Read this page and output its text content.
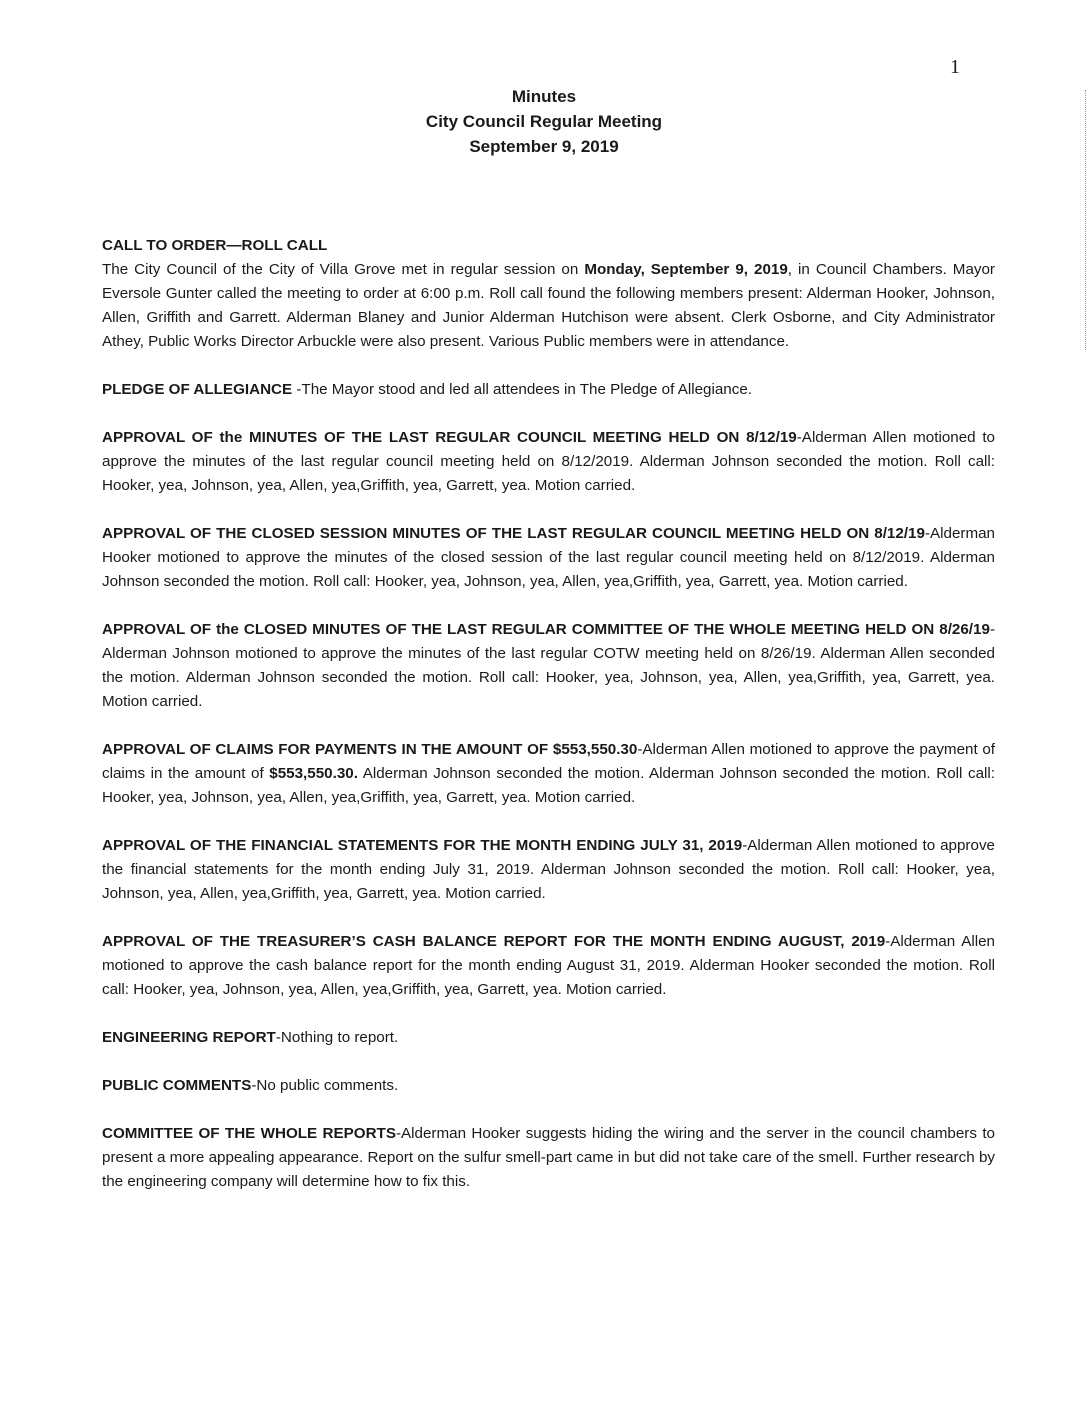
1
Minutes
City Council Regular Meeting
September 9, 2019
CALL TO ORDER—ROLL CALL
The City Council of the City of Villa Grove met in regular session on Monday, September 9, 2019, in Council Chambers. Mayor Eversole Gunter called the meeting to order at 6:00 p.m. Roll call found the following members present: Alderman Hooker, Johnson, Allen, Griffith and Garrett. Alderman Blaney and Junior Alderman Hutchison were absent. Clerk Osborne, and City Administrator Athey, Public Works Director Arbuckle were also present. Various Public members were in attendance.
PLEDGE OF ALLEGIANCE -The Mayor stood and led all attendees in The Pledge of Allegiance.
APPROVAL OF the MINUTES OF THE LAST REGULAR COUNCIL MEETING HELD ON 8/12/19-Alderman Allen motioned to approve the minutes of the last regular council meeting held on 8/12/2019. Alderman Johnson seconded the motion. Roll call: Hooker, yea, Johnson, yea, Allen, yea,Griffith, yea, Garrett, yea. Motion carried.
APPROVAL OF THE CLOSED SESSION MINUTES OF THE LAST REGULAR COUNCIL MEETING HELD ON 8/12/19-Alderman Hooker motioned to approve the minutes of the closed session of the last regular council meeting held on 8/12/2019. Alderman Johnson seconded the motion. Roll call: Hooker, yea, Johnson, yea, Allen, yea,Griffith, yea, Garrett, yea. Motion carried.
APPROVAL OF the CLOSED MINUTES OF THE LAST REGULAR COMMITTEE OF THE WHOLE MEETING HELD ON 8/26/19-Alderman Johnson motioned to approve the minutes of the last regular COTW meeting held on 8/26/19. Alderman Allen seconded the motion. Alderman Johnson seconded the motion. Roll call: Hooker, yea, Johnson, yea, Allen, yea,Griffith, yea, Garrett, yea. Motion carried.
APPROVAL OF CLAIMS FOR PAYMENTS IN THE AMOUNT OF $553,550.30-Alderman Allen motioned to approve the payment of claims in the amount of $553,550.30. Alderman Johnson seconded the motion. Alderman Johnson seconded the motion. Roll call: Hooker, yea, Johnson, yea, Allen, yea,Griffith, yea, Garrett, yea. Motion carried.
APPROVAL OF THE FINANCIAL STATEMENTS FOR THE MONTH ENDING JULY 31, 2019-Alderman Allen motioned to approve the financial statements for the month ending July 31, 2019. Alderman Johnson seconded the motion. Roll call: Hooker, yea, Johnson, yea, Allen, yea,Griffith, yea, Garrett, yea. Motion carried.
APPROVAL OF THE TREASURER’S CASH BALANCE REPORT FOR THE MONTH ENDING AUGUST, 2019-Alderman Allen motioned to approve the cash balance report for the month ending August 31, 2019. Alderman Hooker seconded the motion. Roll call: Hooker, yea, Johnson, yea, Allen, yea,Griffith, yea, Garrett, yea. Motion carried.
ENGINEERING REPORT-Nothing to report.
PUBLIC COMMENTS-No public comments.
COMMITTEE OF THE WHOLE REPORTS-Alderman Hooker suggests hiding the wiring and the server in the council chambers to present a more appealing appearance. Report on the sulfur smell-part came in but did not take care of the smell. Further research by the engineering company will determine how to fix this.
